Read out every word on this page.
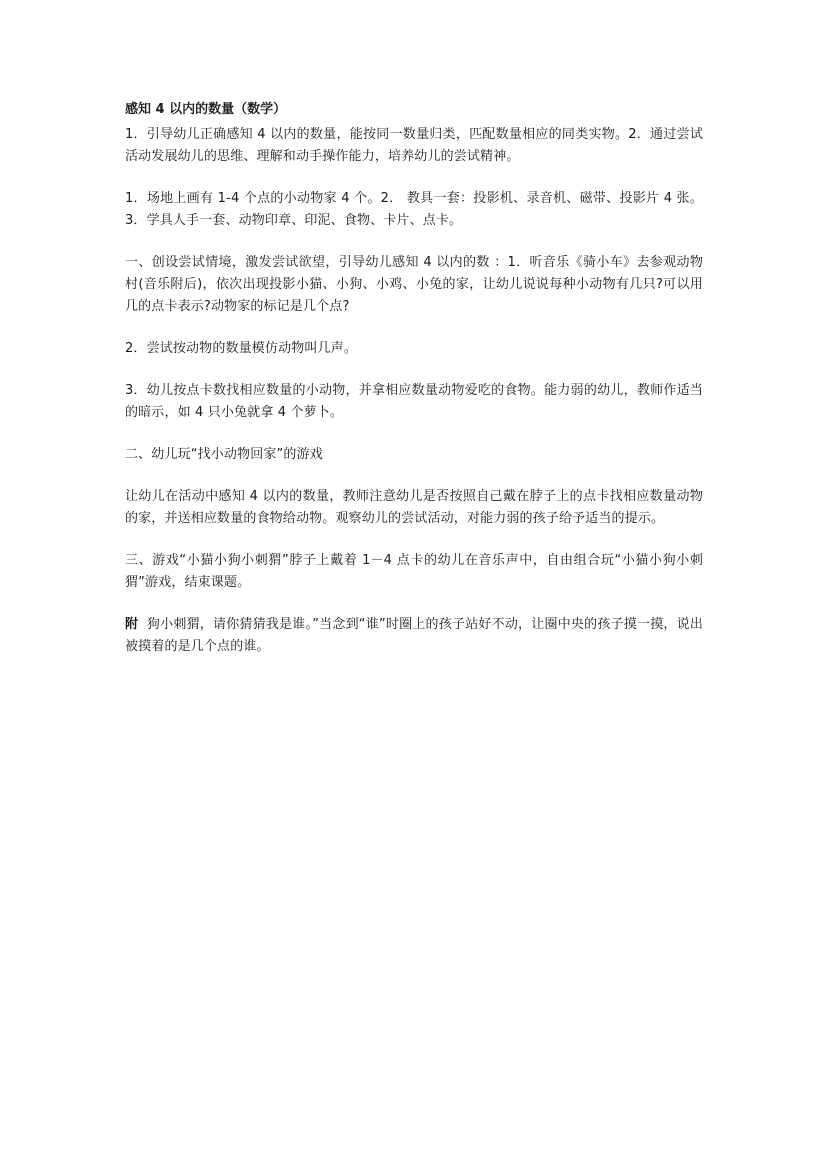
感知 4 以内的数量（数学）

1．引导幼儿正确感知 4 以内的数量，能按同一数量归类，匹配数量相应的同类实物。2．通过尝试活动发展幼儿的思维、理解和动手操作能力，培养幼儿的尝试精神。

1．场地上画有 1-4 个点的小动物家 4 个。2． 教具一套：投影机、录音机、磁带、投影片 4 张。 3．学具人手一套、动物印章、印泥、食物、卡片、点卡。

一、创设尝试情境，激发尝试欲望，引导幼儿感知 4 以内的数 ：1．听音乐《骑小车》去参观动物村(音乐附后)，依次出现投影小猫、小狗、小鸡、小兔的家，让幼儿说说每种小动物有几只?可以用几的点卡表示?动物家的标记是几个点?

2．尝试按动物的数量模仿动物叫几声。

3．幼儿按点卡数找相应数量的小动物，并拿相应数量动物爱吃的食物。能力弱的幼儿，教师作适当的暗示，如 4 只小兔就拿 4 个萝卜。

二、幼儿玩“找小动物回家”的游戏

让幼儿在活动中感知 4 以内的数量，教师注意幼儿是否按照自己戴在脖子上的点卡找相应数量动物的家，并送相应数量的食物给动物。观察幼儿的尝试活动，对能力弱的孩子给予适当的提示。

三、游戏“小猫小狗小刺猬”脖子上戴着 1－4 点卡的幼儿在音乐声中，自由组合玩“小猫小狗小刺猬”游戏，结束课题。

附 狗小刺猬，请你猜猜我是谁。”当念到“谁”时圈上的孩子站好不动，让圈中央的孩子摸一摸，说出被摸着的是几个点的谁。
